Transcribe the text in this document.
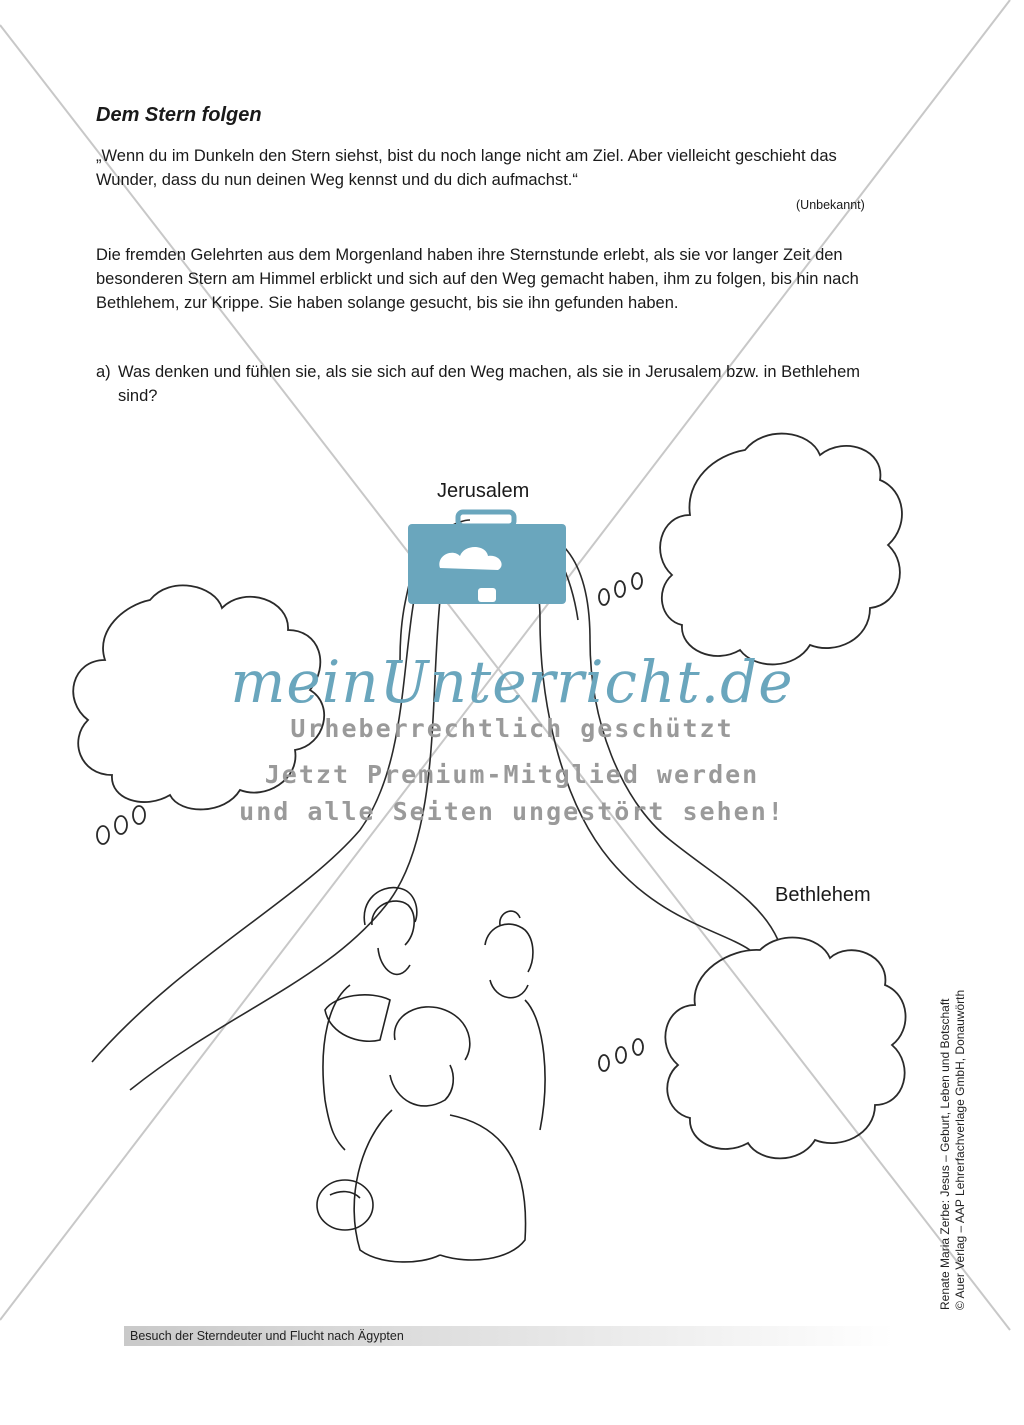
Dem Stern folgen
„Wenn du im Dunkeln den Stern siehst, bist du noch lange nicht am Ziel. Aber vielleicht geschieht das Wunder, dass du nun deinen Weg kennst und du dich aufmachst.“
(Unbekannt)
Die fremden Gelehrten aus dem Morgenland haben ihre Sternstunde erlebt, als sie vor langer Zeit den besonderen Stern am Himmel erblickt und sich auf den Weg gemacht haben, ihm zu folgen, bis hin nach Bethlehem, zur Krippe. Sie haben solange gesucht, bis sie ihn gefunden haben.
a) Was denken und fühlen sie, als sie sich auf den Weg machen, als sie in Jerusalem bzw. in Bethlehem sind?
Jerusalem
Bethlehem
meinUnterricht.de
Urheberrechtlich geschützt
Jetzt Premium-Mitglied werden
und alle Seiten ungestört sehen!
Besuch der Sterndeuter und Flucht nach Ägypten
Renate Maria Zerbe: Jesus – Geburt, Leben und Botschaft © Auer Verlag – AAP Lehrerfachverlage GmbH, Donauwörth
